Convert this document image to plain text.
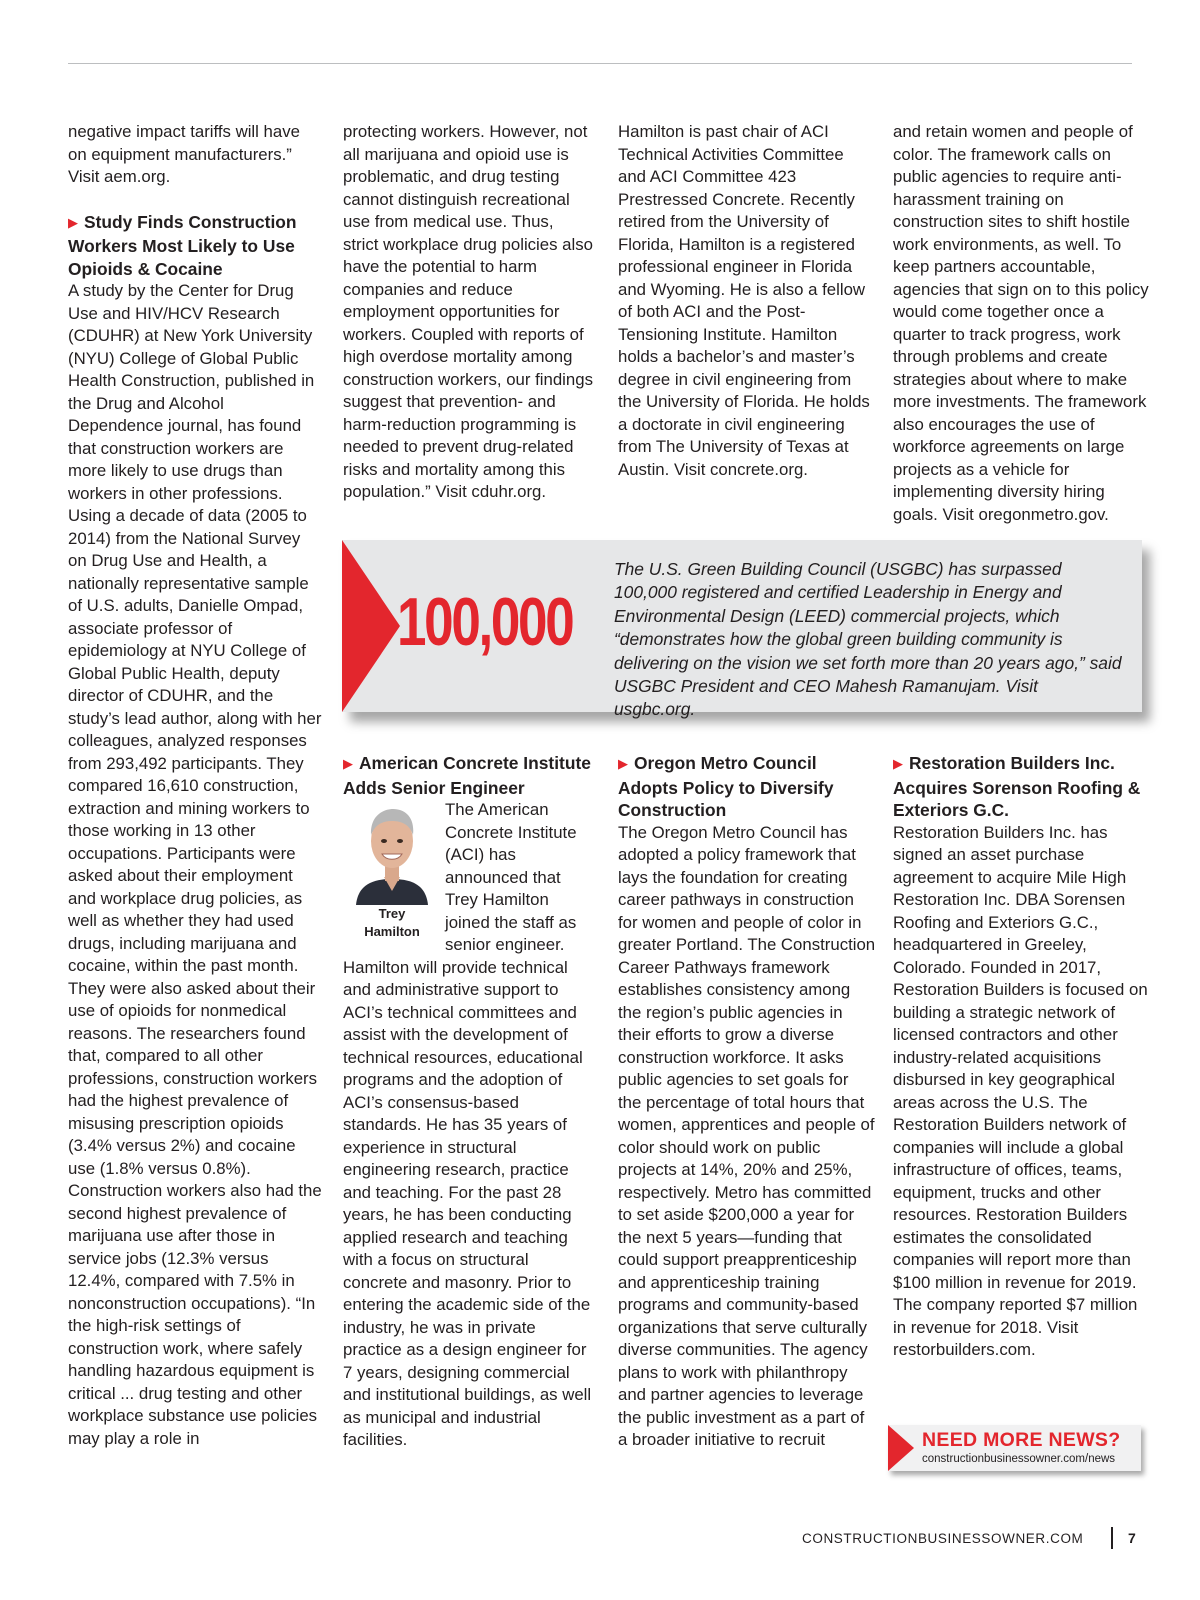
negative impact tariffs will have on equipment manufacturers.” Visit aem.org.

▶ Study Finds Construction Workers Most Likely to Use Opioids & Cocaine

A study by the Center for Drug Use and HIV/HCV Research (CDUHR) at New York University (NYU) College of Global Public Health Construction, published in the Drug and Alcohol Dependence journal, has found that construction workers are more likely to use drugs than workers in other professions. Using a decade of data (2005 to 2014) from the National Survey on Drug Use and Health, a nationally representative sample of U.S. adults, Danielle Ompad, associate professor of epidemiology at NYU College of Global Public Health, deputy director of CDUHR, and the study’s lead author, along with her colleagues, analyzed responses from 293,492 participants. They compared 16,610 construction, extraction and mining workers to those working in 13 other occupations. Participants were asked about their employment and workplace drug policies, as well as whether they had used drugs, including marijuana and cocaine, within the past month. They were also asked about their use of opioids for nonmedical reasons. The researchers found that, compared to all other professions, construction workers had the highest prevalence of misusing prescription opioids (3.4% versus 2%) and cocaine use (1.8% versus 0.8%). Construction workers also had the second highest prevalence of marijuana use after those in service jobs (12.3% versus 12.4%, compared with 7.5% in nonconstruction occupations). “In the high-risk settings of construction work, where safely handling hazardous equipment is critical ... drug testing and other workplace substance use policies may play a role in

protecting workers. However, not all marijuana and opioid use is problematic, and drug testing cannot distinguish recreational use from medical use. Thus, strict workplace drug policies also have the potential to harm companies and reduce employment opportunities for workers. Coupled with reports of high overdose mortality among construction workers, our findings suggest that prevention- and harm-reduction programming is needed to prevent drug-related risks and mortality among this population.” Visit cduhr.org.

Hamilton is past chair of ACI Technical Activities Committee and ACI Committee 423 Prestressed Concrete. Recently retired from the University of Florida, Hamilton is a registered professional engineer in Florida and Wyoming. He is also a fellow of both ACI and the Post-Tensioning Institute. Hamilton holds a bachelor’s and master’s degree in civil engineering from the University of Florida. He holds a doctorate in civil engineering from The University of Texas at Austin. Visit concrete.org.

and retain women and people of color. The framework calls on public agencies to require anti-harassment training on construction sites to shift hostile work environments, as well. To keep partners accountable, agencies that sign on to this policy would come together once a quarter to track progress, work through problems and create strategies about where to make more investments. The framework also encourages the use of workforce agreements on large projects as a vehicle for implementing diversity hiring goals. Visit oregonmetro.gov.

100,000
The U.S. Green Building Council (USGBC) has surpassed 100,000 registered and certified Leadership in Energy and Environmental Design (LEED) commercial projects, which “demonstrates how the global green building community is delivering on the vision we set forth more than 20 years ago,” said USGBC President and CEO Mahesh Ramanujam. Visit usgbc.org.

▶ American Concrete Institute Adds Senior Engineer

Trey
Hamilton

The American Concrete Institute (ACI) has announced that Trey Hamilton joined the staff as senior engineer. Hamilton will provide technical and administrative support to ACI’s technical committees and assist with the development of technical resources, educational programs and the adoption of ACI’s consensus-based standards. He has 35 years of experience in structural engineering research, practice and teaching. For the past 28 years, he has been conducting applied research and teaching with a focus on structural concrete and masonry. Prior to entering the academic side of the industry, he was in private practice as a design engineer for 7 years, designing commercial and institutional buildings, as well as municipal and industrial facilities.

▶ Oregon Metro Council Adopts Policy to Diversify Construction

The Oregon Metro Council has adopted a policy framework that lays the foundation for creating career pathways in construction for women and people of color in greater Portland. The Construction Career Pathways framework establishes consistency among the region’s public agencies in their efforts to grow a diverse construction workforce. It asks public agencies to set goals for the percentage of total hours that women, apprentices and people of color should work on public projects at 14%, 20% and 25%, respectively. Metro has committed to set aside $200,000 a year for the next 5 years—funding that could support preapprenticeship and apprenticeship training programs and community-based organizations that serve culturally diverse communities. The agency plans to work with philanthropy and partner agencies to leverage the public investment as a part of a broader initiative to recruit

▶ Restoration Builders Inc. Acquires Sorenson Roofing & Exteriors G.C.

Restoration Builders Inc. has signed an asset purchase agreement to acquire Mile High Restoration Inc. DBA Sorensen Roofing and Exteriors G.C., headquartered in Greeley, Colorado. Founded in 2017, Restoration Builders is focused on building a strategic network of licensed contractors and other industry-related acquisitions disbursed in key geographical areas across the U.S. The Restoration Builders network of companies will include a global infrastructure of offices, teams, equipment, trucks and other resources. Restoration Builders estimates the consolidated companies will report more than $100 million in revenue for 2019. The company reported $7 million in revenue for 2018. Visit restorbuilders.com.

NEED MORE NEWS?
constructionbusinessowner.com/news
CONSTRUCTIONBUSINESSOWNER.COM	7
